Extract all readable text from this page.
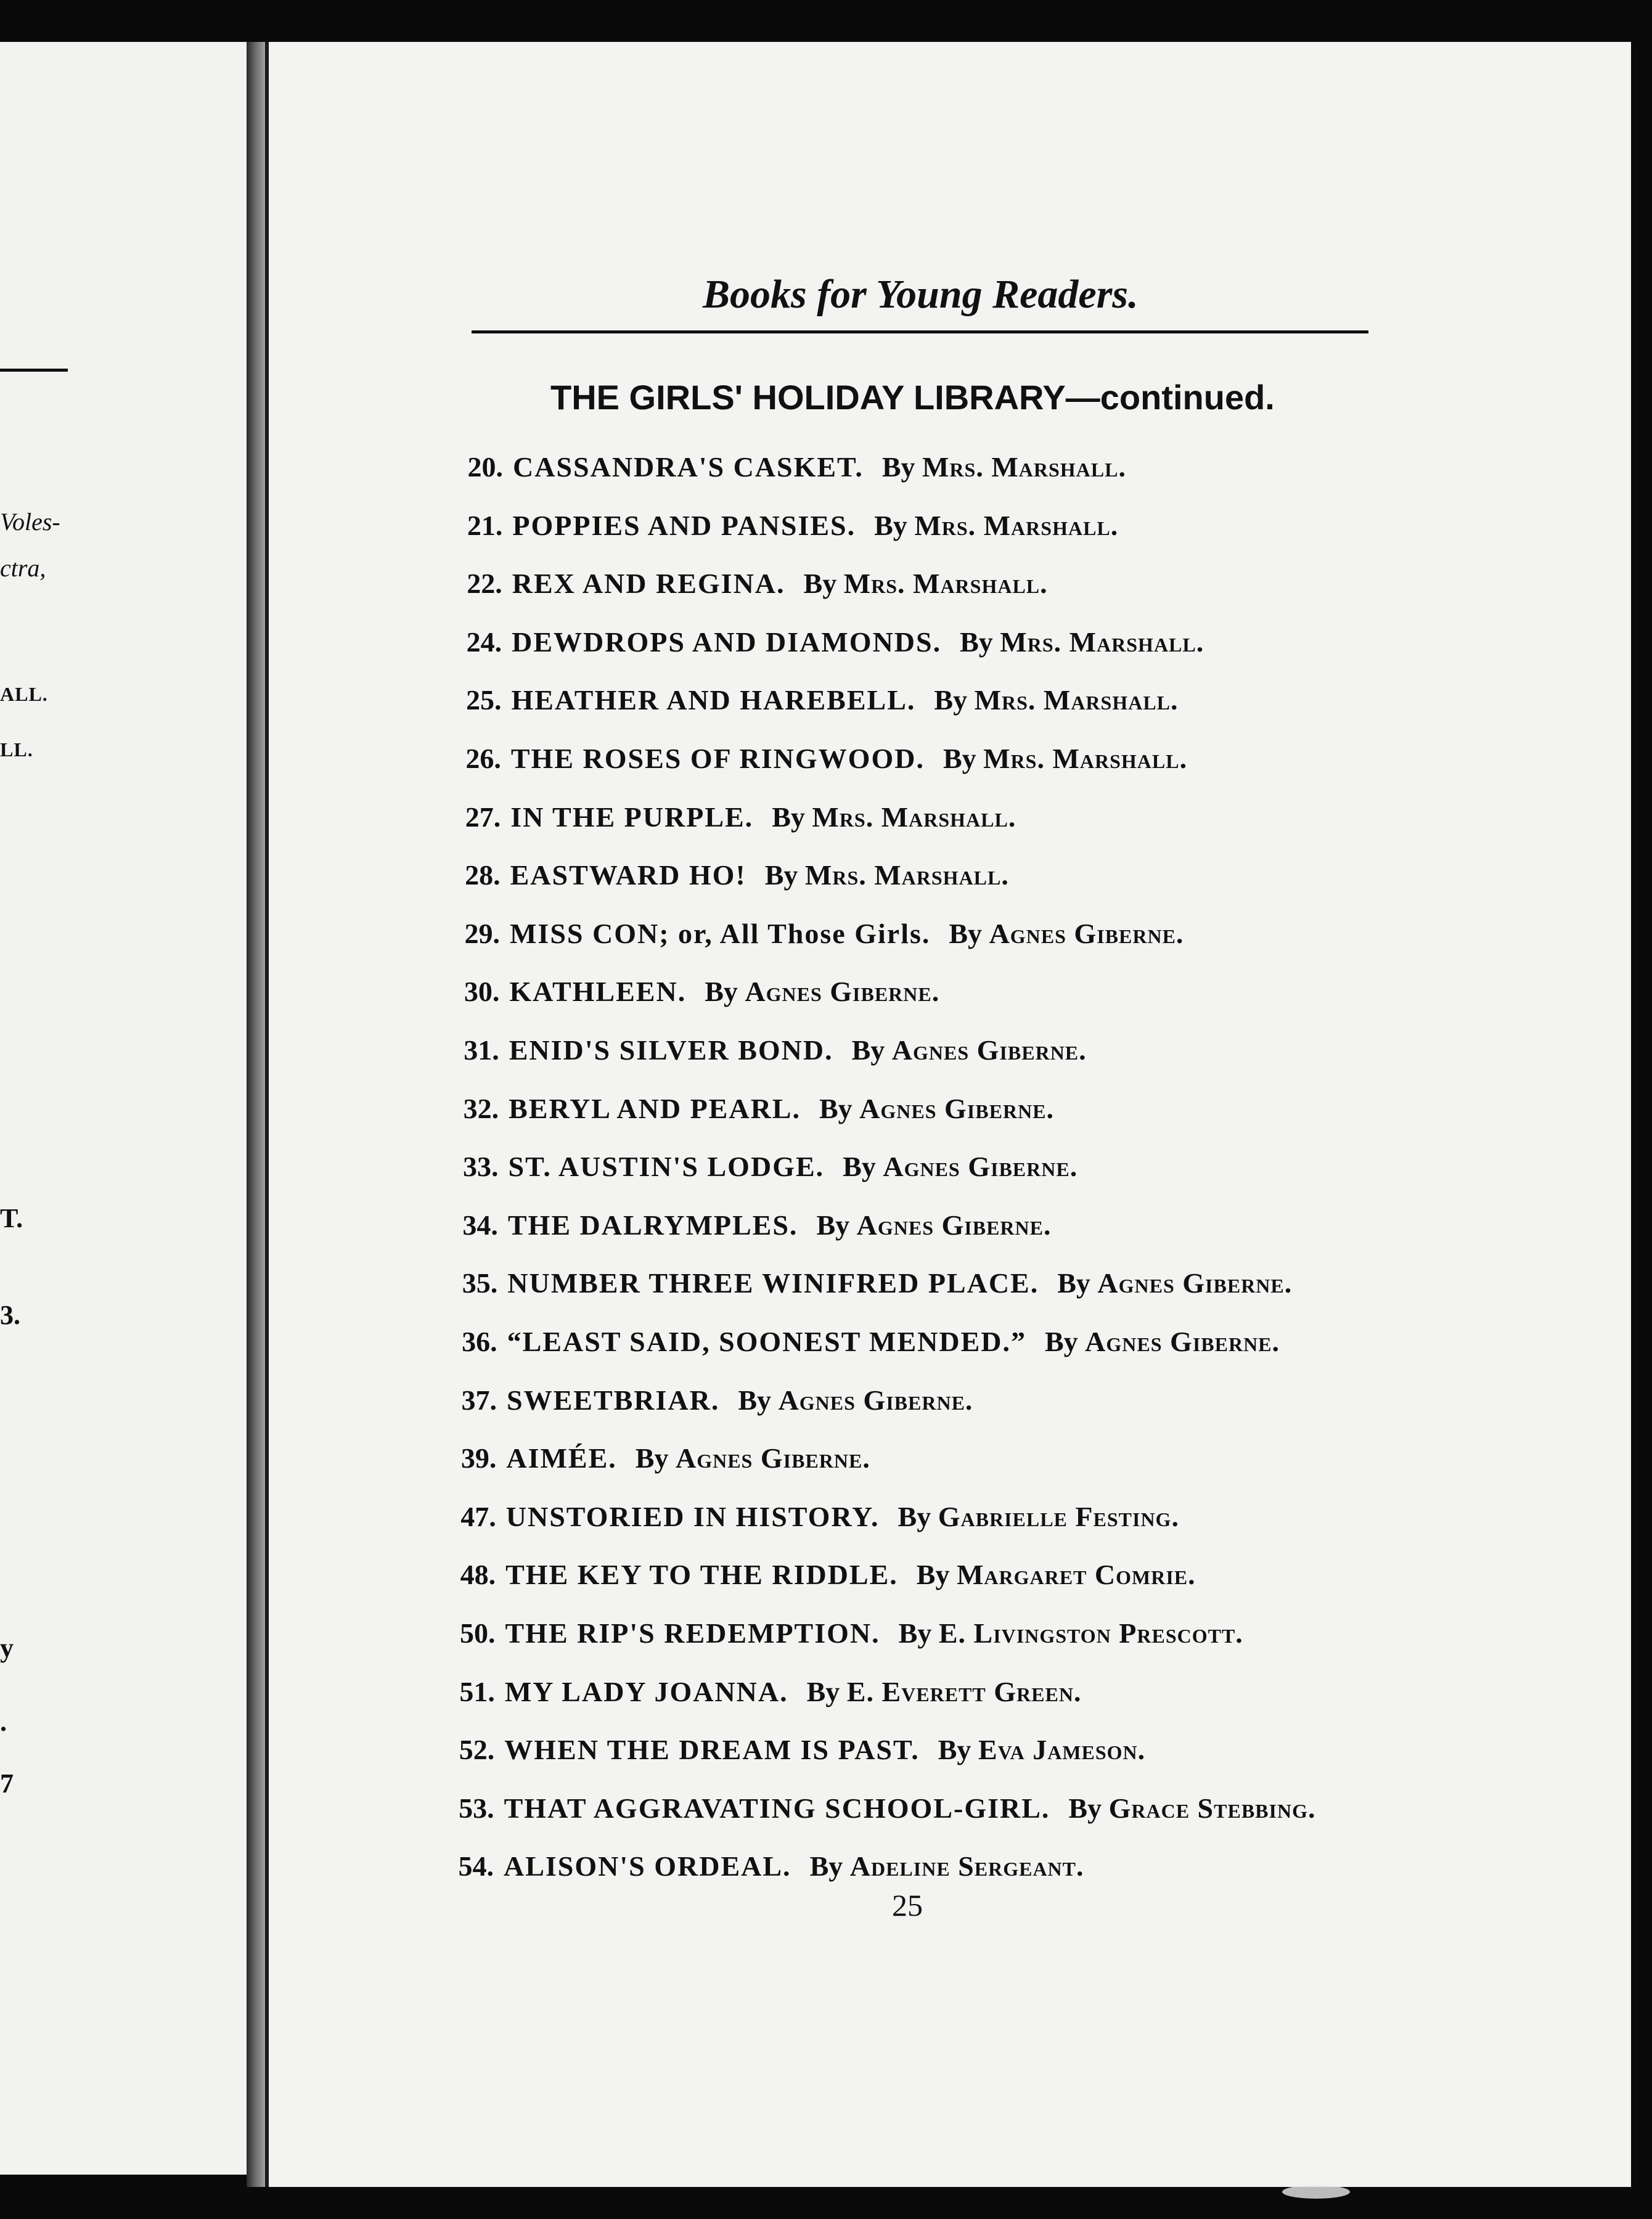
Voles-
ctra,
ALL.
LL.
T.
3.
y
.
7
Books for Young Readers.
THE GIRLS' HOLIDAY LIBRARY—continued.
20. CASSANDRA'S CASKET. By Mrs. Marshall.
21. POPPIES AND PANSIES. By Mrs. Marshall.
22. REX AND REGINA. By Mrs. Marshall.
24. DEWDROPS AND DIAMONDS. By Mrs. Marshall.
25. HEATHER AND HAREBELL. By Mrs. Marshall.
26. THE ROSES OF RINGWOOD. By Mrs. Marshall.
27. IN THE PURPLE. By Mrs. Marshall.
28. EASTWARD HO! By Mrs. Marshall.
29. MISS CON; or, All Those Girls. By Agnes Giberne.
30. KATHLEEN. By Agnes Giberne.
31. ENID'S SILVER BOND. By Agnes Giberne.
32. BERYL AND PEARL. By Agnes Giberne.
33. ST. AUSTIN'S LODGE. By Agnes Giberne.
34. THE DALRYMPLES. By Agnes Giberne.
35. NUMBER THREE WINIFRED PLACE. By Agnes Giberne.
36. “LEAST SAID, SOONEST MENDED.” By Agnes Giberne.
37. SWEETBRIAR. By Agnes Giberne.
39. AIMÉE. By Agnes Giberne.
47. UNSTORIED IN HISTORY. By Gabrielle Festing.
48. THE KEY TO THE RIDDLE. By Margaret Comrie.
50. THE RIP'S REDEMPTION. By E. Livingston Prescott.
51. MY LADY JOANNA. By E. Everett Green.
52. WHEN THE DREAM IS PAST. By Eva Jameson.
53. THAT AGGRAVATING SCHOOL-GIRL. By Grace Stebbing.
54. ALISON'S ORDEAL. By Adeline Sergeant.
25
